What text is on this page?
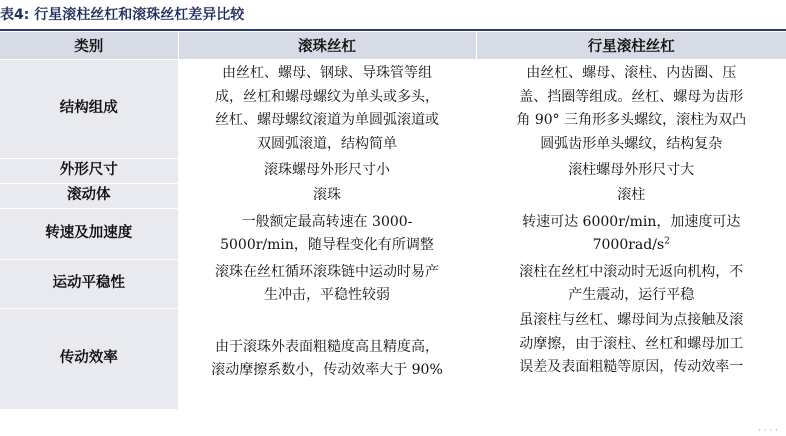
表4: 行星滚柱丝杠和滚珠丝杠差异比较
类别	滚珠丝杠	行星滚柱丝杠
结构组成	由丝杠、螺母、钢球、导珠管等组
成，丝杠和螺母螺纹为单头或多头，
丝杠、螺母螺纹滚道为单圆弧滚道或
双圆弧滚道，结构简单	由丝杠、螺母、滚柱、内齿圈、压
盖、挡圈等组成。丝杠、螺母为齿形
角 90° 三角形多头螺纹，滚柱为双凸
圆弧齿形单头螺纹，结构复杂

外形尺寸	滚珠螺母外形尺寸小	滚柱螺母外形尺寸大
滚动体	滚珠	滚柱
转速及加速度	一般额定最高转速在 3000-
5000r/min，随导程变化有所调整	转速可达 6000r/min，加速度可达
$7000rad/s^2$

运动平稳性	滚珠在丝杠循环滚珠链中运动时易产
生冲击，平稳性较弱	滚柱在丝杠中滚动时无返向机构，不
产生震动，运行平稳

传动效率	由于滚珠外表面粗糙度高且精度高，
滚动摩擦系数小，传动效率大于 90%	虽滚柱与丝杠、螺母间为点接触及滚
动摩擦，由于滚柱、丝杠和螺母加工
误差及表面粗糙等原因，传动效率一
· · · ·
